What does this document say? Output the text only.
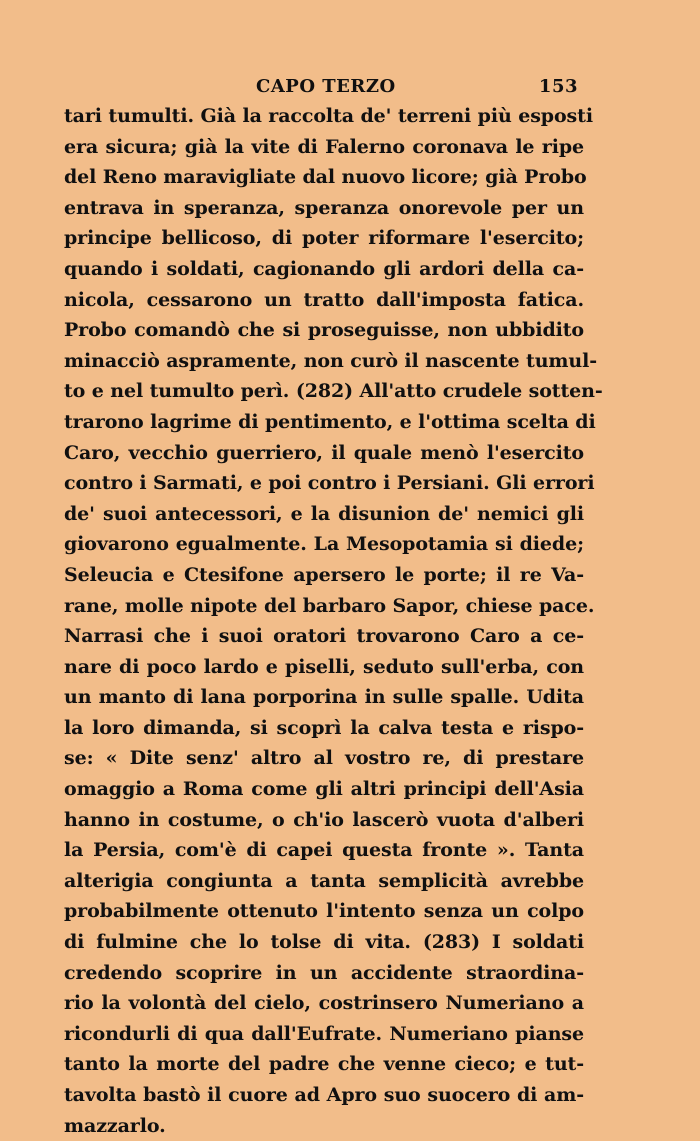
CAPO TERZO	153
tari tumulti. Già la raccolta de' terreni più esposti
era sicura; già la vite di Falerno coronava le ripe
del Reno maravigliate dal nuovo licore; già Probo
entrava in speranza, speranza onorevole per un
principe bellicoso, di poter riformare l'esercito;
quando i soldati, cagionando gli ardori della ca-
nicola, cessarono un tratto dall'imposta fatica.
Probo comandò che si proseguisse, non ubbidito
minacciò aspramente, non curò il nascente tumul-
to e nel tumulto perì. (282) All'atto crudele sotten-
trarono lagrime di pentimento, e l'ottima scelta di
Caro, vecchio guerriero, il quale menò l'esercito
contro i Sarmati, e poi contro i Persiani. Gli errori
de' suoi antecessori, e la disunion de' nemici gli
giovarono egualmente. La Mesopotamia si diede;
Seleucia e Ctesifone apersero le porte; il re Va-
rane, molle nipote del barbaro Sapor, chiese pace.
Narrasi che i suoi oratori trovarono Caro a ce-
nare di poco lardo e piselli, seduto sull'erba, con
un manto di lana porporina in sulle spalle. Udita
la loro dimanda, si scoprì la calva testa e rispo-
se: « Dite senz' altro al vostro re, di prestare
omaggio a Roma come gli altri principi dell'Asia
hanno in costume, o ch'io lascerò vuota d'alberi
la Persia, com'è di capei questa fronte ». Tanta
alterigia congiunta a tanta semplicità avrebbe
probabilmente ottenuto l'intento senza un colpo
di fulmine che lo tolse di vita. (283) I soldati
credendo scoprire in un accidente straordina-
rio la volontà del cielo, costrinsero Numeriano a
ricondurli di qua dall'Eufrate. Numeriano pianse
tanto la morte del padre che venne cieco; e tut-
tavolta bastò il cuore ad Apro suo suocero di am-
mazzarlo.
